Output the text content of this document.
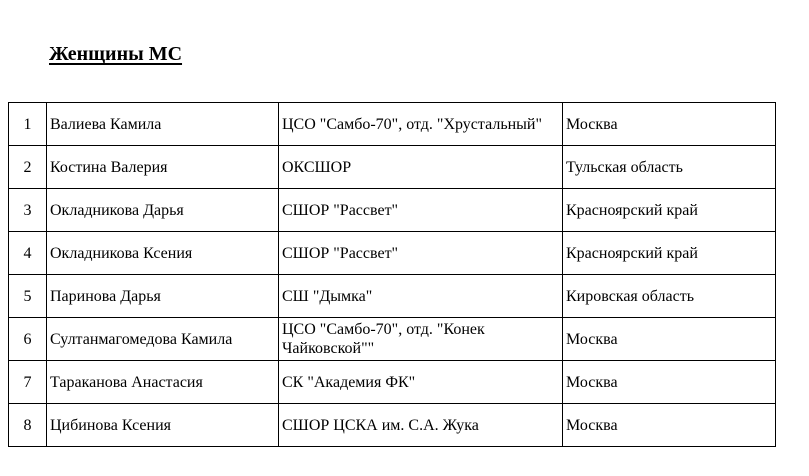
Женщины МС
1	Валиева Камила	ЦСО "Самбо-70", отд. "Хрустальный"	Москва
2	Костина Валерия	ОКСШОР	Тульская область
3	Окладникова Дарья	СШОР "Рассвет"	Красноярский край
4	Окладникова Ксения	СШОР "Рассвет"	Красноярский край
5	Паринова Дарья	СШ "Дымка"	Кировская область
6	Султанмагомедова Камила	ЦСО "Самбо-70", отд. "Конек Чайковской""	Москва
7	Тараканова Анастасия	СК "Академия ФК"	Москва
8	Цибинова Ксения	СШОР ЦСКА им. С.А. Жука	Москва
